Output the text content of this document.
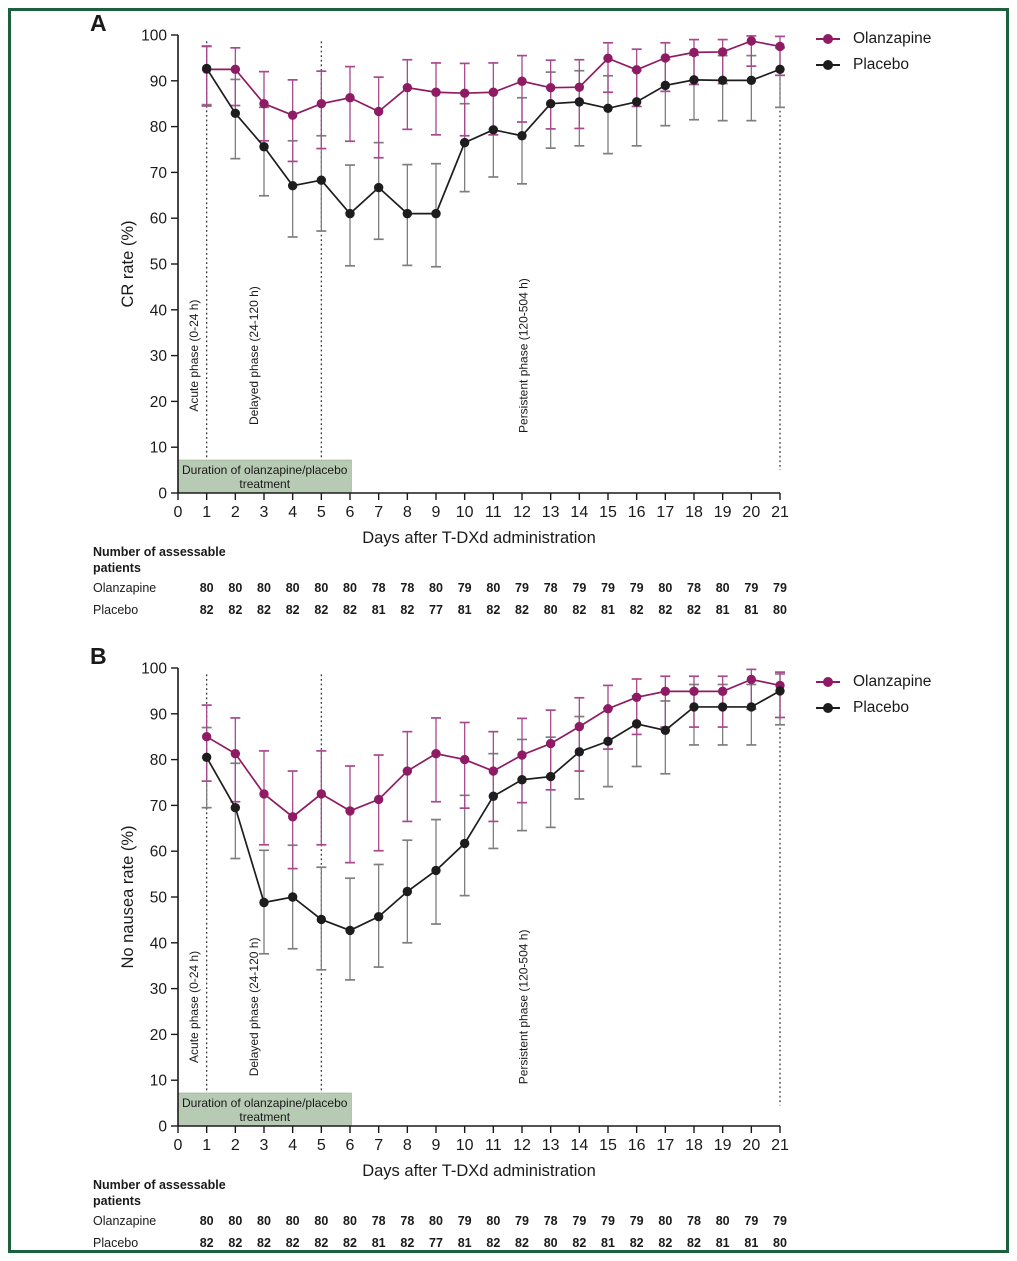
Duration of olanzapine/placebo
treatment
Acute phase (0-24 h)	Delayed phase (24-120 h)	Persistent phase (120-504 h)
0
10
20
30
40
50
60
70
80
90
100
0 1 2 3 4 5 6 7 8 9 10 11 12 13 14 15 16 17 18 19 20 21
CR rate (%)
Days after T-DXd administration
Number of assessable
patients
Olanzapine	80 80 80 80 80 80 78 78 80 79 80 79 78 79 79 79 80 78 80 79 79
Placebo	82 82 82 82 82 82 81 82 77 81 82 82 80 82 81 82 82 82 81 81 80
A
Olanzapine
Placebo
Duration of olanzapine/placebo
treatment
Acute phase (0-24 h)	Delayed phase (24-120 h)	Persistent phase (120-504 h)
0
10
20
30
40
50
60
70
80
90
100
0 1 2 3 4 5 6 7 8 9 10 11 12 13 14 15 16 17 18 19 20 21
No nausea rate (%)
Days after T-DXd administration
Number of assessable
patients
Olanzapine	80 80 80 80 80 80 78 78 80 79 80 79 78 79 79 79 80 78 80 79 79
Placebo	82 82 82 82 82 82 81 82 77 81 82 82 80 82 81 82 82 82 81 81 80
B
Olanzapine
Placebo
